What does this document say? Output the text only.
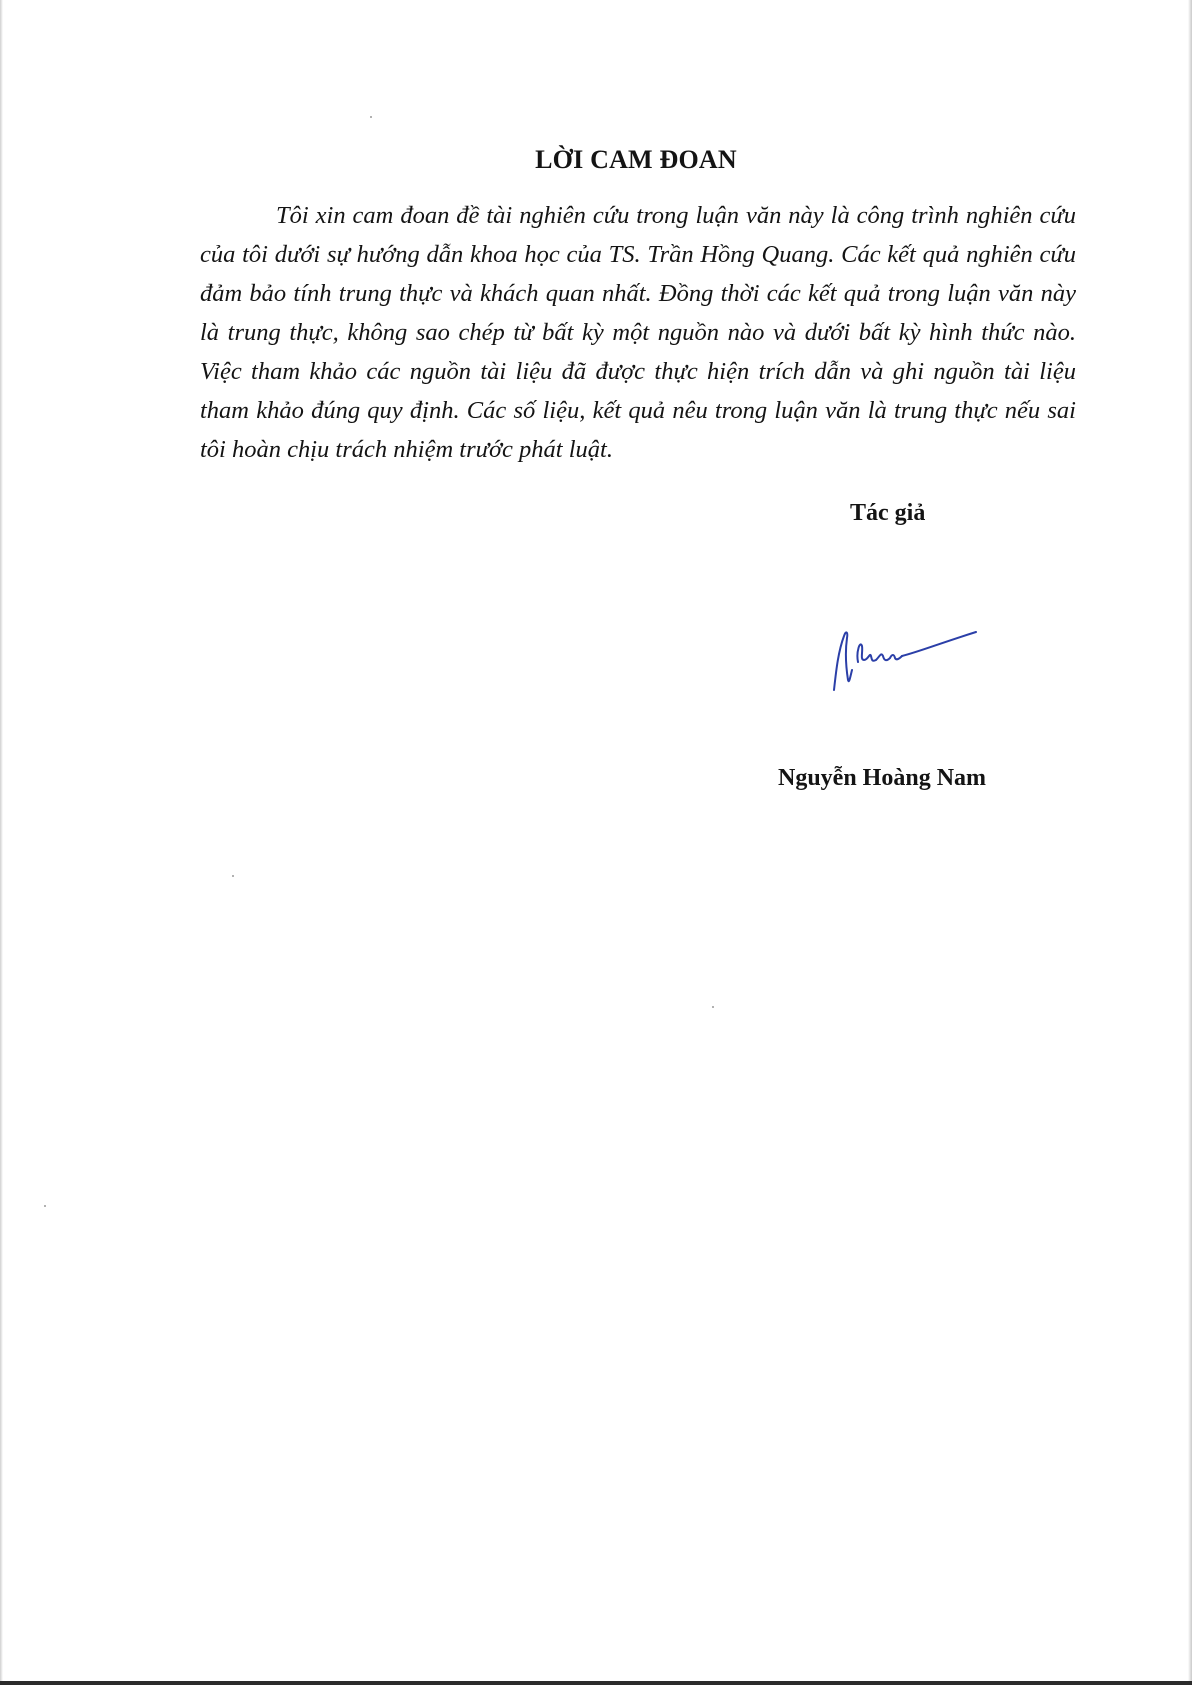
LỜI CAM ĐOAN
Tôi xin cam đoan đề tài nghiên cứu trong luận văn này là công trình nghiên cứu của tôi dưới sự hướng dẫn khoa học của TS. Trần Hồng Quang. Các kết quả nghiên cứu đảm bảo tính trung thực và khách quan nhất. Đồng thời các kết quả trong luận văn này là trung thực, không sao chép từ bất kỳ một nguồn nào và dưới bất kỳ hình thức nào. Việc tham khảo các nguồn tài liệu đã được thực hiện trích dẫn và ghi nguồn tài liệu tham khảo đúng quy định. Các số liệu, kết quả nêu trong luận văn là trung thực nếu sai tôi hoàn chịu trách nhiệm trước phát luật.
Tác giả
Nguyễn Hoàng Nam
